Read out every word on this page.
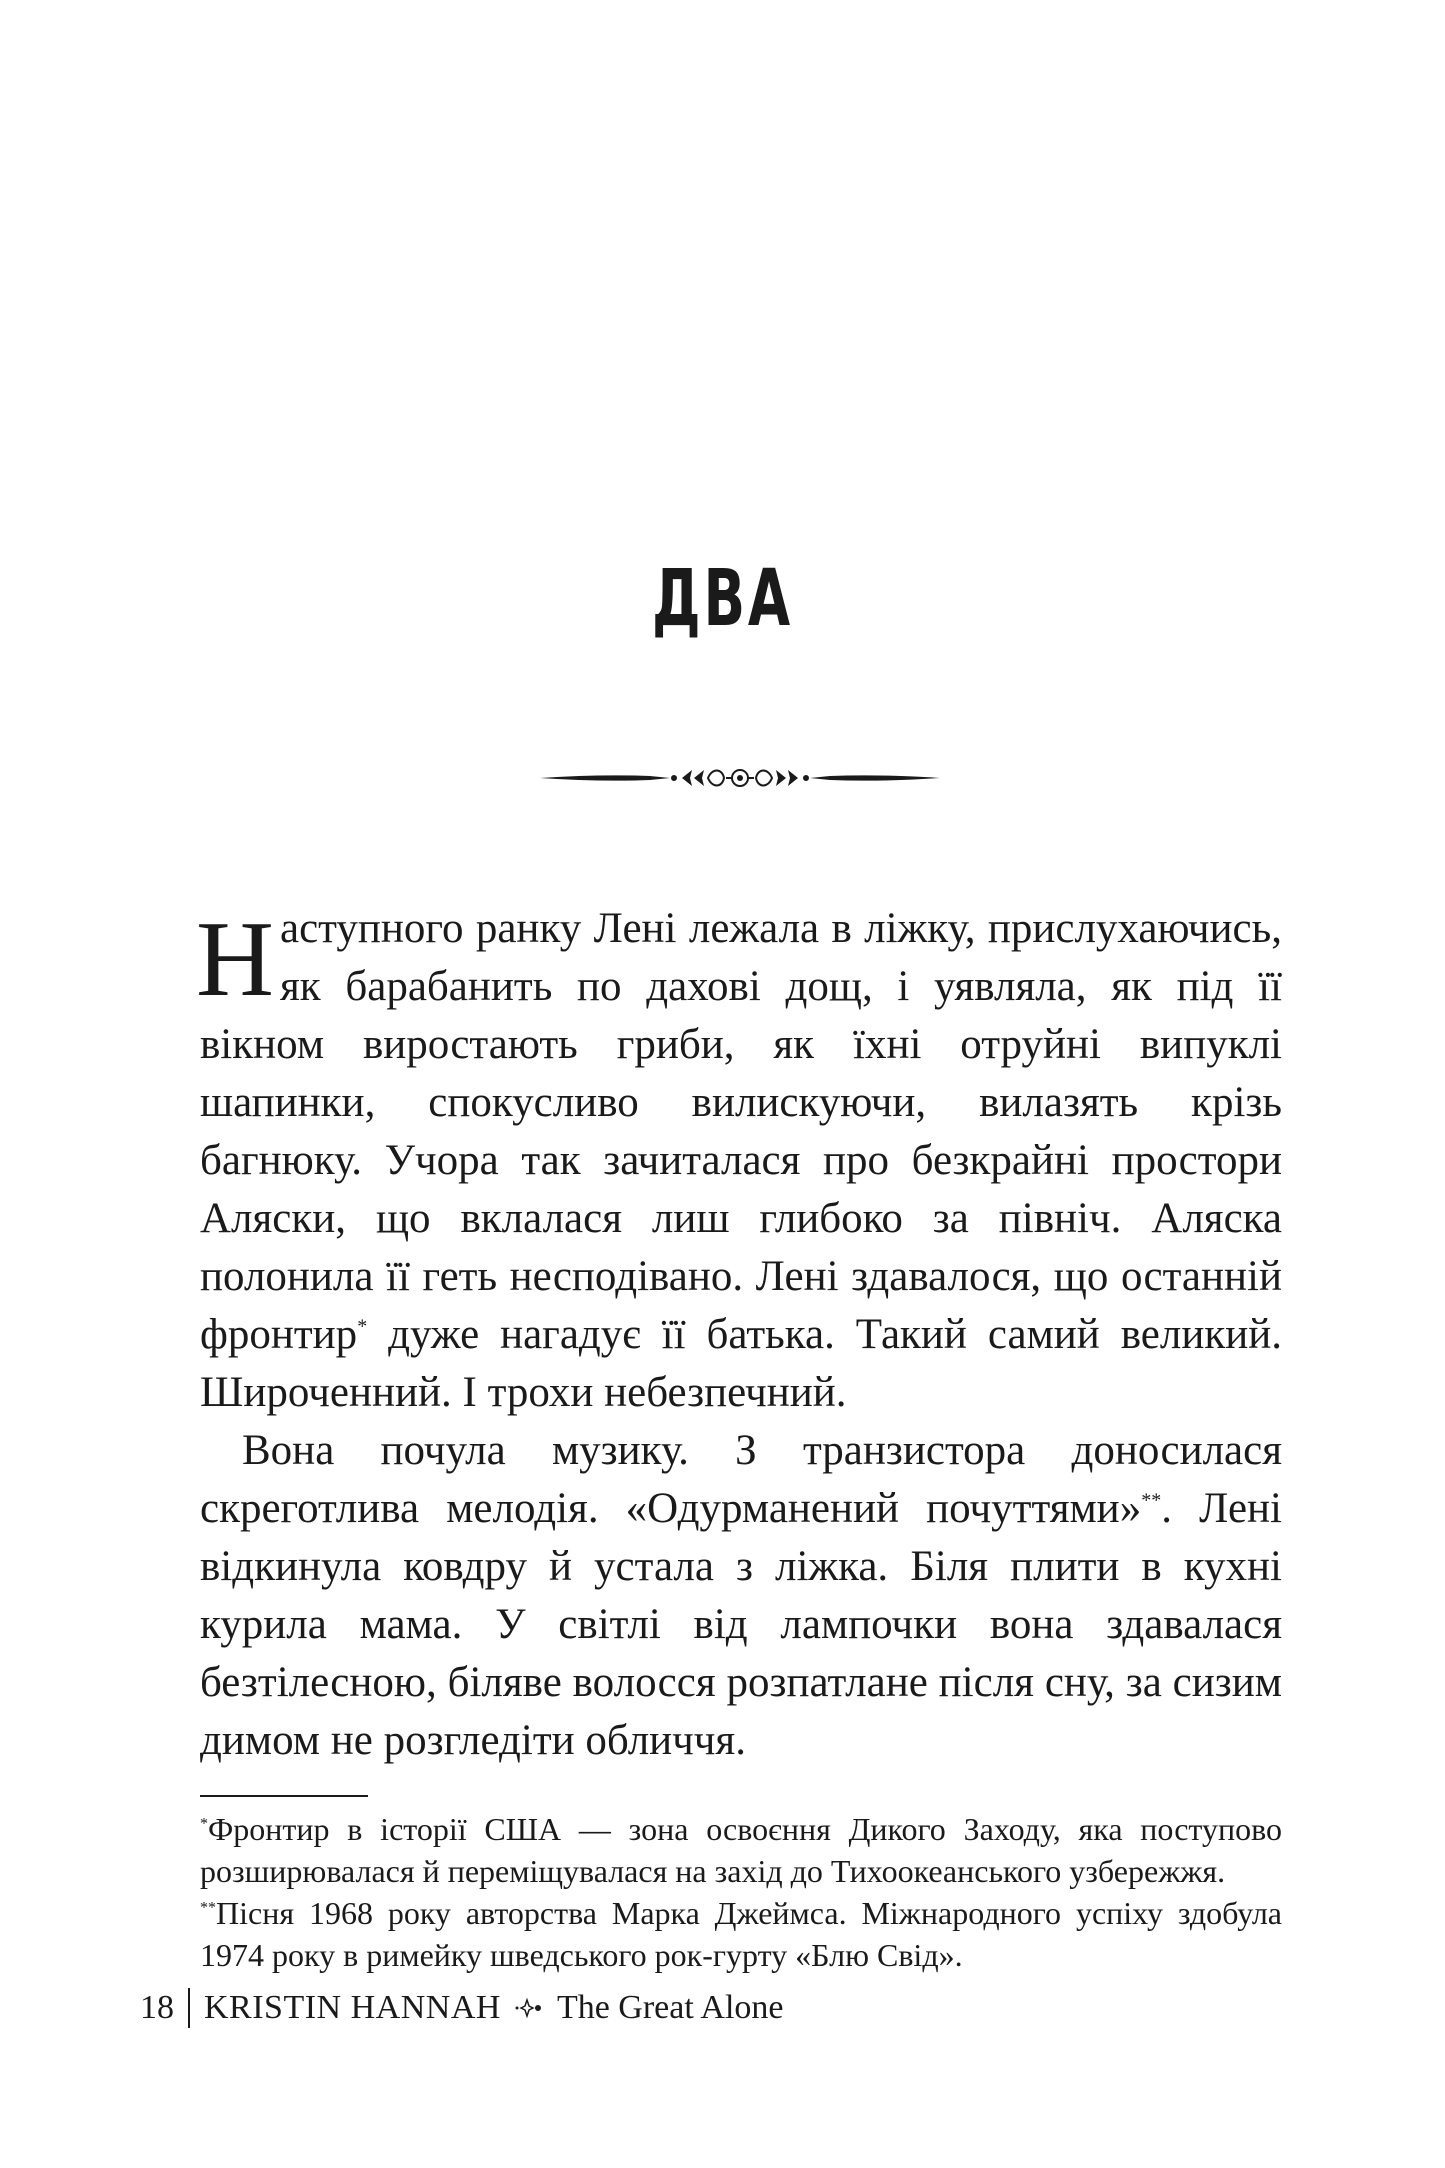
ДВА

Наступного ранку Лені лежала в ліжку, прислухаючись, як барабанить по дахові дощ, і уявляла, як під її вікном виростають гриби, як їхні отруйні випуклі шапинки, спокусливо вилискуючи, вилазять крізь багнюку. Учора так зачиталася про безкрайні простори Аляски, що вклалася лиш глибоко за північ. Аляска полонила її геть несподівано. Лені здавалося, що останній фронтир* дуже нагадує її батька. Такий самий великий. Широченний. І трохи небезпечний.

Вона почула музику. З транзистора доносилася скреготлива мелодія. «Одурманений почуттями»**. Лені відкинула ковдру й устала з ліжка. Біля плити в кухні курила мама. У світлі від лампочки вона здавалася безтілесною, біляве волосся розпатлане після сну, за сизим димом не розгледіти обличчя.

*Фронтир в історії США — зона освоєння Дикого Заходу, яка поступово розширювалася й переміщувалася на захід до Тихоокеанського узбережжя.

**Пісня 1968 року авторства Марка Джеймса. Міжнародного успіху здобула 1974 року в римейку шведського рок-гурту «Блю Свід».

18 KRISTIN HANNAH The Great Alone
